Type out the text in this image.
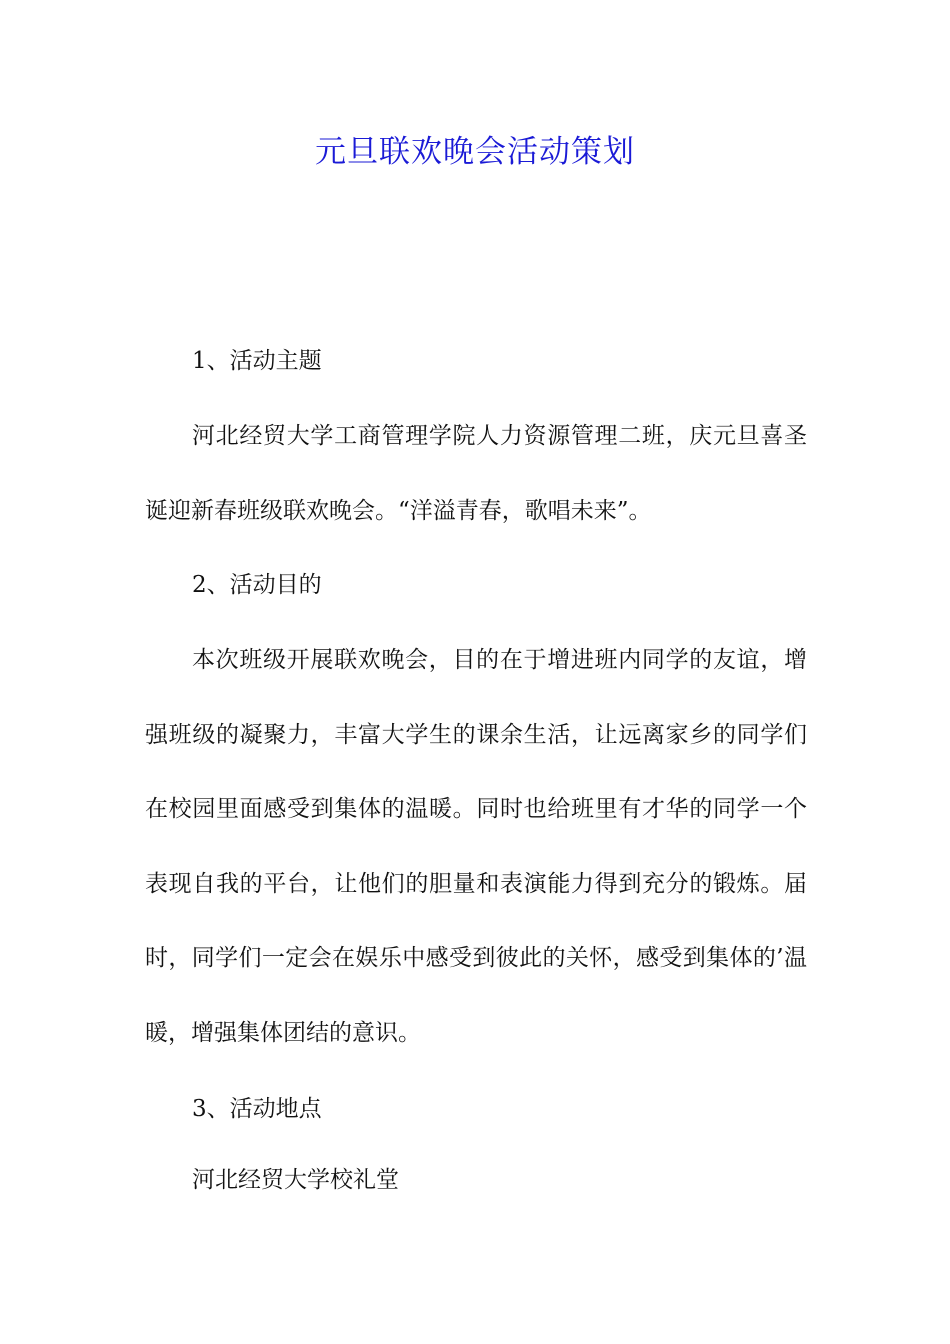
元旦联欢晚会活动策划
1、活动主题

河北经贸大学工商管理学院人力资源管理二班，庆元旦喜圣诞迎新春班级联欢晚会。“洋溢青春，歌唱未来”。

2、活动目的

本次班级开展联欢晚会，目的在于增进班内同学的友谊，增强班级的凝聚力，丰富大学生的课余生活，让远离家乡的同学们在校园里面感受到集体的温暖。同时也给班里有才华的同学一个表现自我的平台，让他们的胆量和表演能力得到充分的锻炼。届时，同学们一定会在娱乐中感受到彼此的关怀，感受到集体的’温暖，增强集体团结的意识。

3、活动地点
河北经贸大学校礼堂
